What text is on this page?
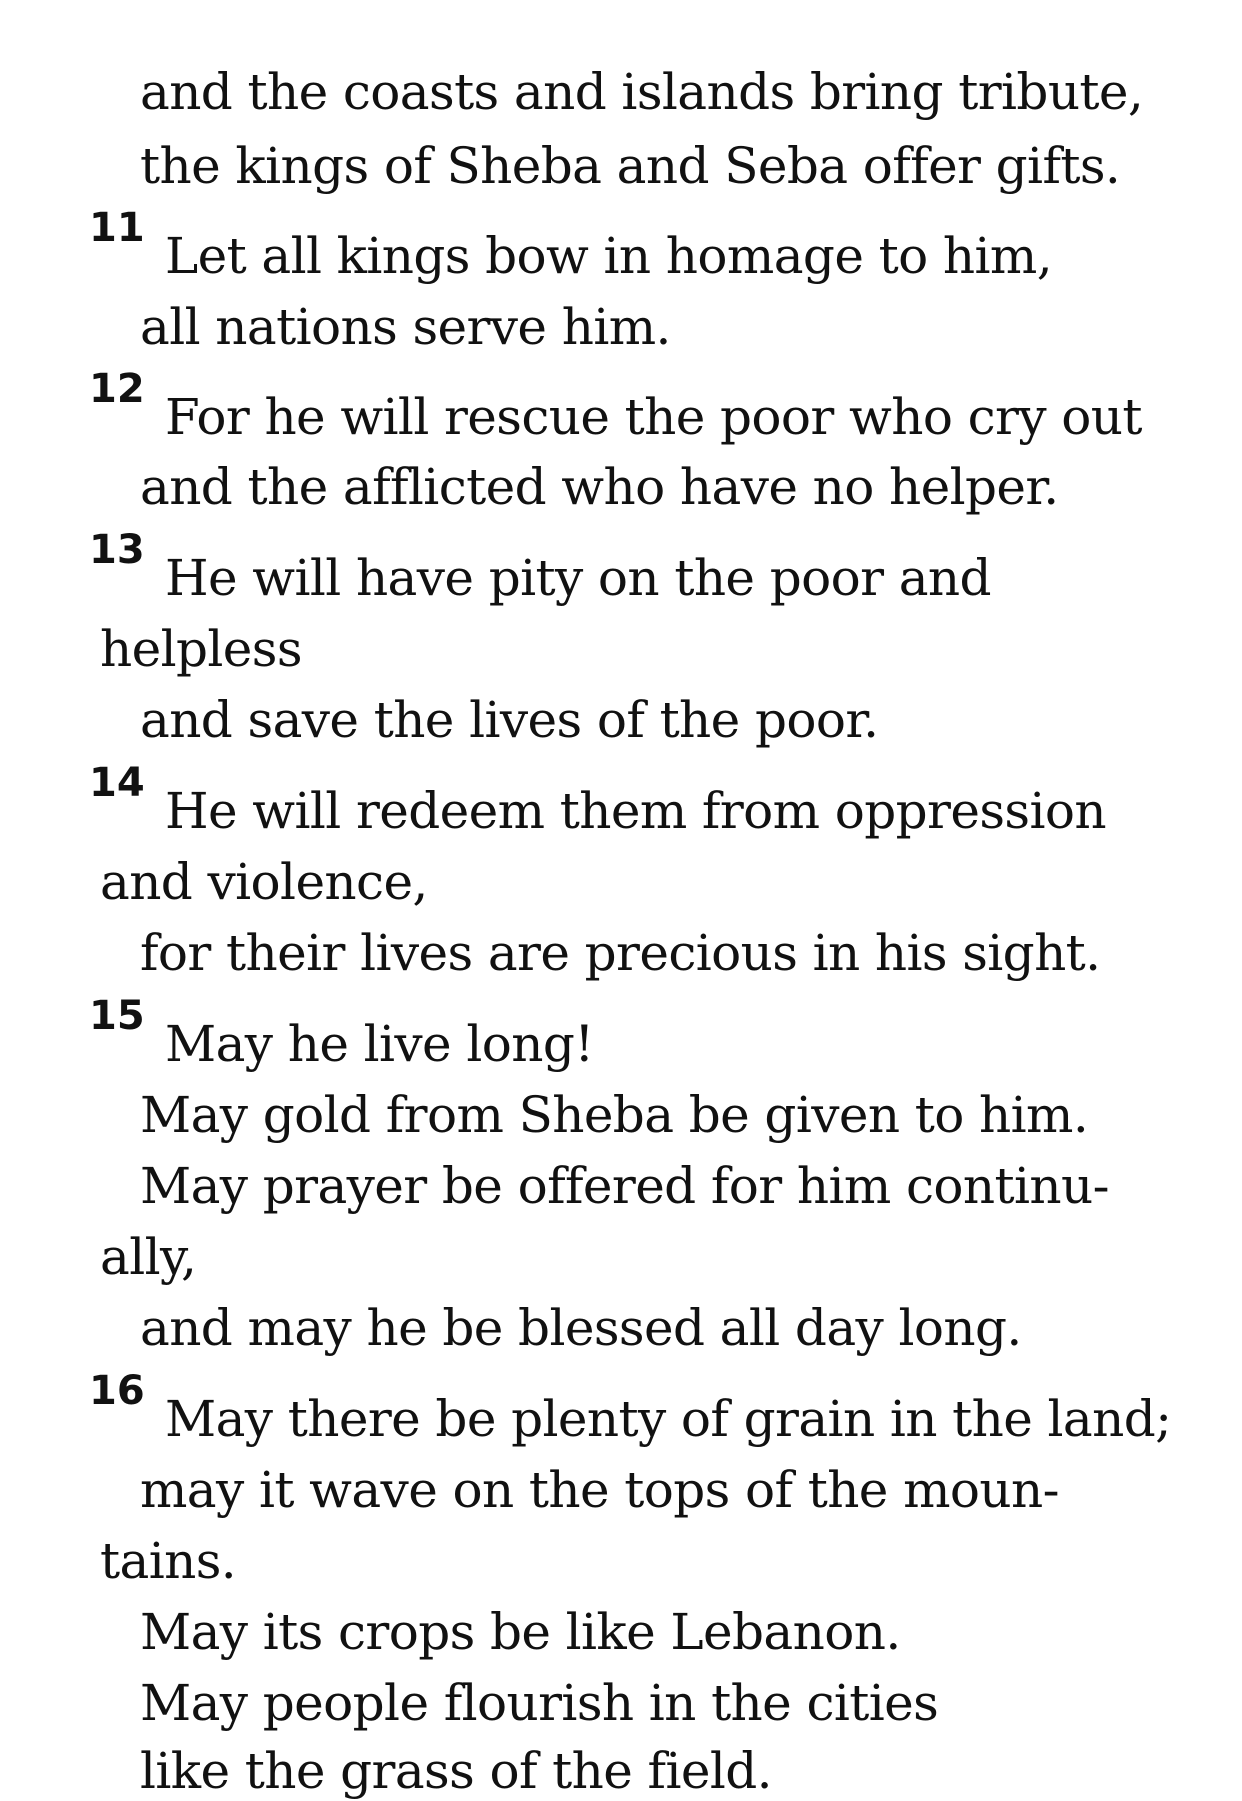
and the coasts and islands bring tribute,
the kings of Sheba and Seba offer gifts.
11 Let all kings bow in homage to him,
all nations serve him.
12 For he will rescue the poor who cry out
and the afflicted who have no helper.
13 He will have pity on the poor and
helpless
and save the lives of the poor.
14 He will redeem them from oppression
and violence,
for their lives are precious in his sight.
15 May he live long!
May gold from Sheba be given to him.
May prayer be offered for him continu-
ally,
and may he be blessed all day long.
16 May there be plenty of grain in the land;
may it wave on the tops of the moun-
tains.
May its crops be like Lebanon.
May people flourish in the cities
like the grass of the field.
